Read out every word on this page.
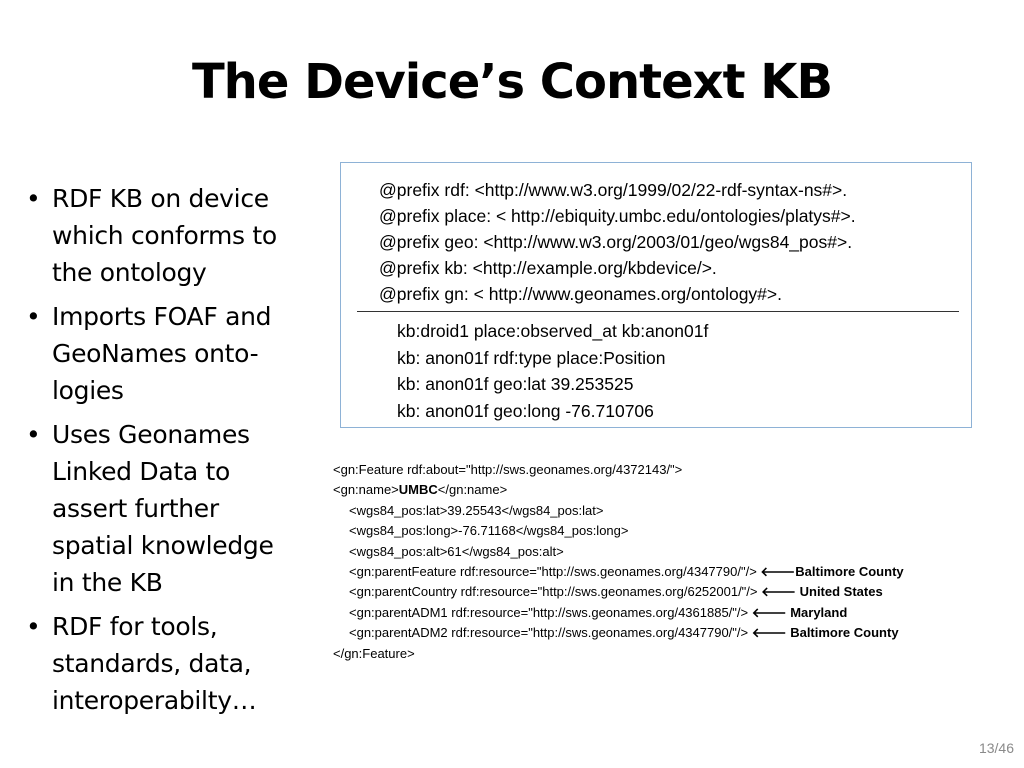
The Device’s Context KB
• RDF KB on device
which conforms to
the ontology
• Imports FOAF and
GeoNames onto-
logies
• Uses Geonames
Linked Data to
assert further
spatial knowledge
in the KB
• RDF for tools,
standards, data,
interoperabilty…
@prefix rdf: <http://www.w3.org/1999/02/22-rdf-syntax-ns#>.
@prefix place: < http://ebiquity.umbc.edu/ontologies/platys#>.
@prefix geo: <http://www.w3.org/2003/01/geo/wgs84_pos#>.
@prefix kb: <http://example.org/kbdevice/>.
@prefix gn: < http://www.geonames.org/ontology#>.
kb:droid1 place:observed_at kb:anon01f
kb: anon01f rdf:type place:Position
kb: anon01f geo:lat 39.253525
kb: anon01f geo:long -76.710706
<gn:Feature rdf:about="http://sws.geonames.org/4372143/">
<gn:name>UMBC</gn:name>
<wgs84_pos:lat>39.25543</wgs84_pos:lat>
<wgs84_pos:long>-76.71168</wgs84_pos:long>
<wgs84_pos:alt>61</wgs84_pos:alt>
<gn:parentFeature rdf:resource="http://sws.geonames.org/4347790/"/> 🡐Baltimore County
<gn:parentCountry rdf:resource="http://sws.geonames.org/6252001/"/> 🡐 United States
<gn:parentADM1 rdf:resource="http://sws.geonames.org/4361885/"/> 🡐 Maryland
<gn:parentADM2 rdf:resource="http://sws.geonames.org/4347790/"/> 🡐 Baltimore County
</gn:Feature>
13/46
